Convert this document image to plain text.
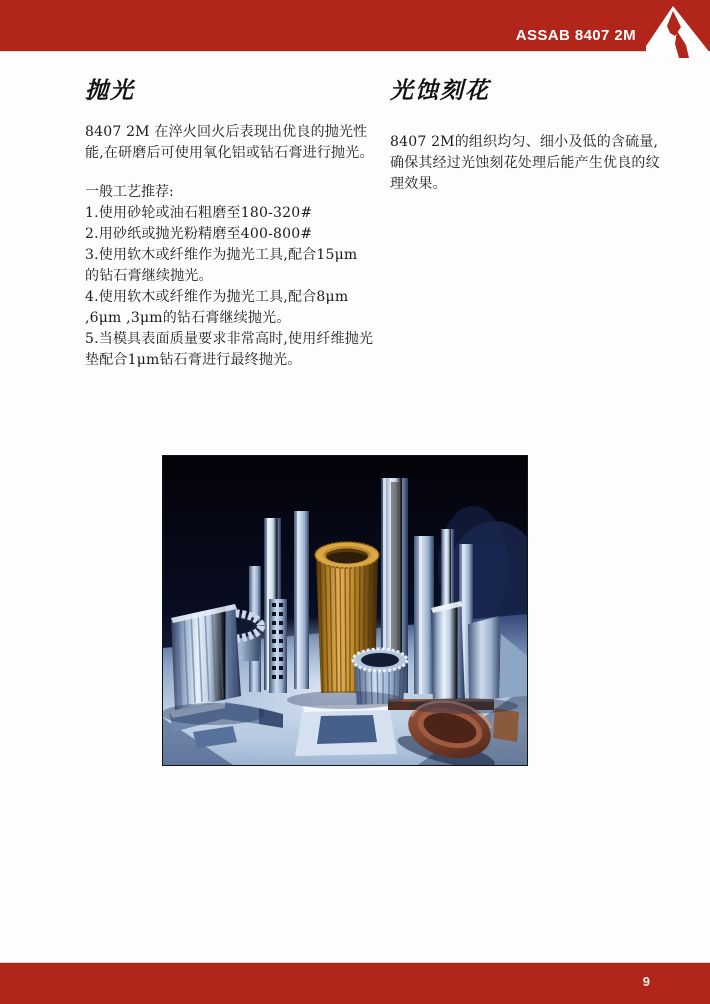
ASSAB 8407 2M
抛光

8407 2M 在淬火回火后表现出优良的抛光性能,在研磨后可使用氧化铝或钻石膏进行抛光。

一般工艺推荐:

1.使用砂轮或油石粗磨至180-320#

2.用砂纸或抛光粉精磨至400-800#

3.使用软木或纤维作为抛光工具,配合15μm 的钻石膏继续抛光。

4.使用软木或纤维作为抛光工具,配合8μm ,6μm ,3μm的钻石膏继续抛光。

5.当模具表面质量要求非常高时,使用纤维抛光垫配合1μm钻石膏进行最终抛光。

光蚀刻花

8407 2M的组织均匀、细小及低的含硫量, 确保其经过光蚀刻花处理后能产生优良的纹理效果。

9
